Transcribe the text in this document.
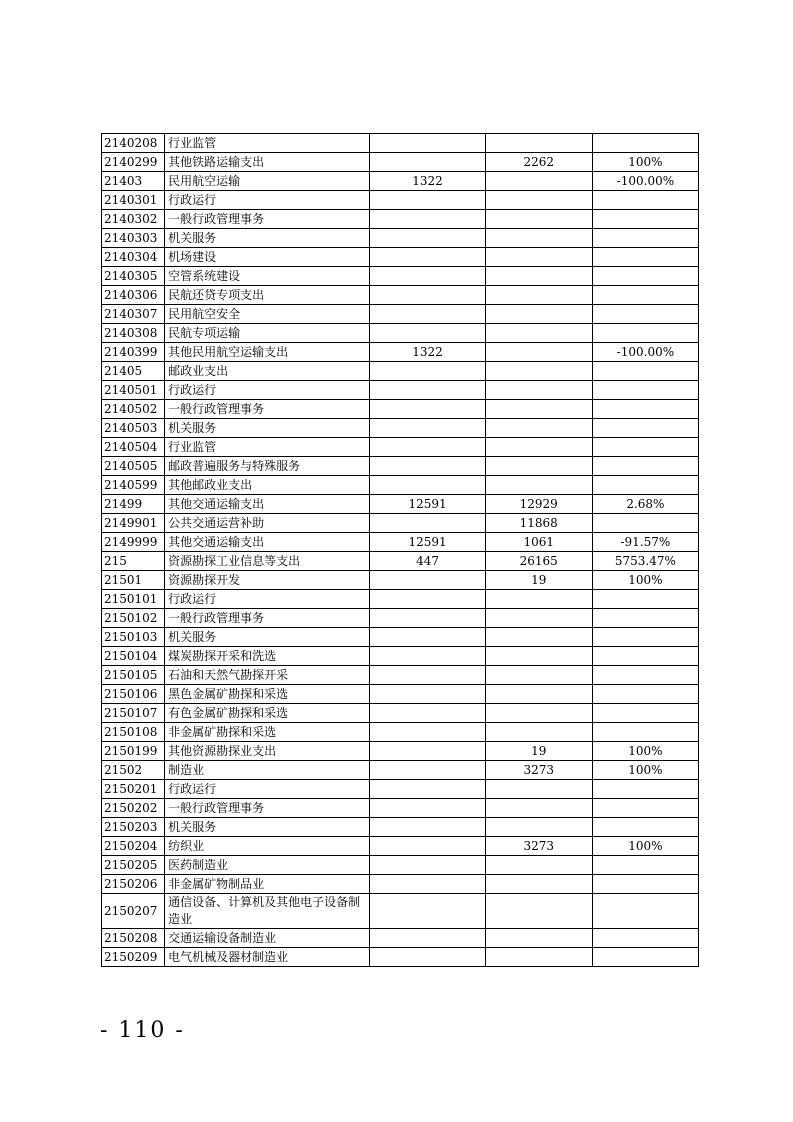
2140208	行业监管			
2140299	其他铁路运输支出		2262	100%
21403	民用航空运输	1322		-100.00%
2140301	行政运行			
2140302	一般行政管理事务			
2140303	机关服务			
2140304	机场建设			
2140305	空管系统建设			
2140306	民航还贷专项支出			
2140307	民用航空安全			
2140308	民航专项运输			
2140399	其他民用航空运输支出	1322		-100.00%
21405	邮政业支出			
2140501	行政运行			
2140502	一般行政管理事务			
2140503	机关服务			
2140504	行业监管			
2140505	邮政普遍服务与特殊服务			
2140599	其他邮政业支出			
21499	其他交通运输支出	12591	12929	2.68%
2149901	公共交通运营补助		11868	
2149999	其他交通运输支出	12591	1061	-91.57%
215	资源勘探工业信息等支出	447	26165	5753.47%
21501	资源勘探开发		19	100%
2150101	行政运行			
2150102	一般行政管理事务			
2150103	机关服务			
2150104	煤炭勘探开采和洗选			
2150105	石油和天然气勘探开采			
2150106	黑色金属矿勘探和采选			
2150107	有色金属矿勘探和采选			
2150108	非金属矿勘探和采选			
2150199	其他资源勘探业支出		19	100%
21502	制造业		3273	100%
2150201	行政运行			
2150202	一般行政管理事务			
2150203	机关服务			
2150204	纺织业		3273	100%
2150205	医药制造业			
2150206	非金属矿物制品业			
2150207	通信设备、计算机及其他电子设备制造业			
2150208	交通运输设备制造业			
2150209	电气机械及器材制造业			
- 110 -
